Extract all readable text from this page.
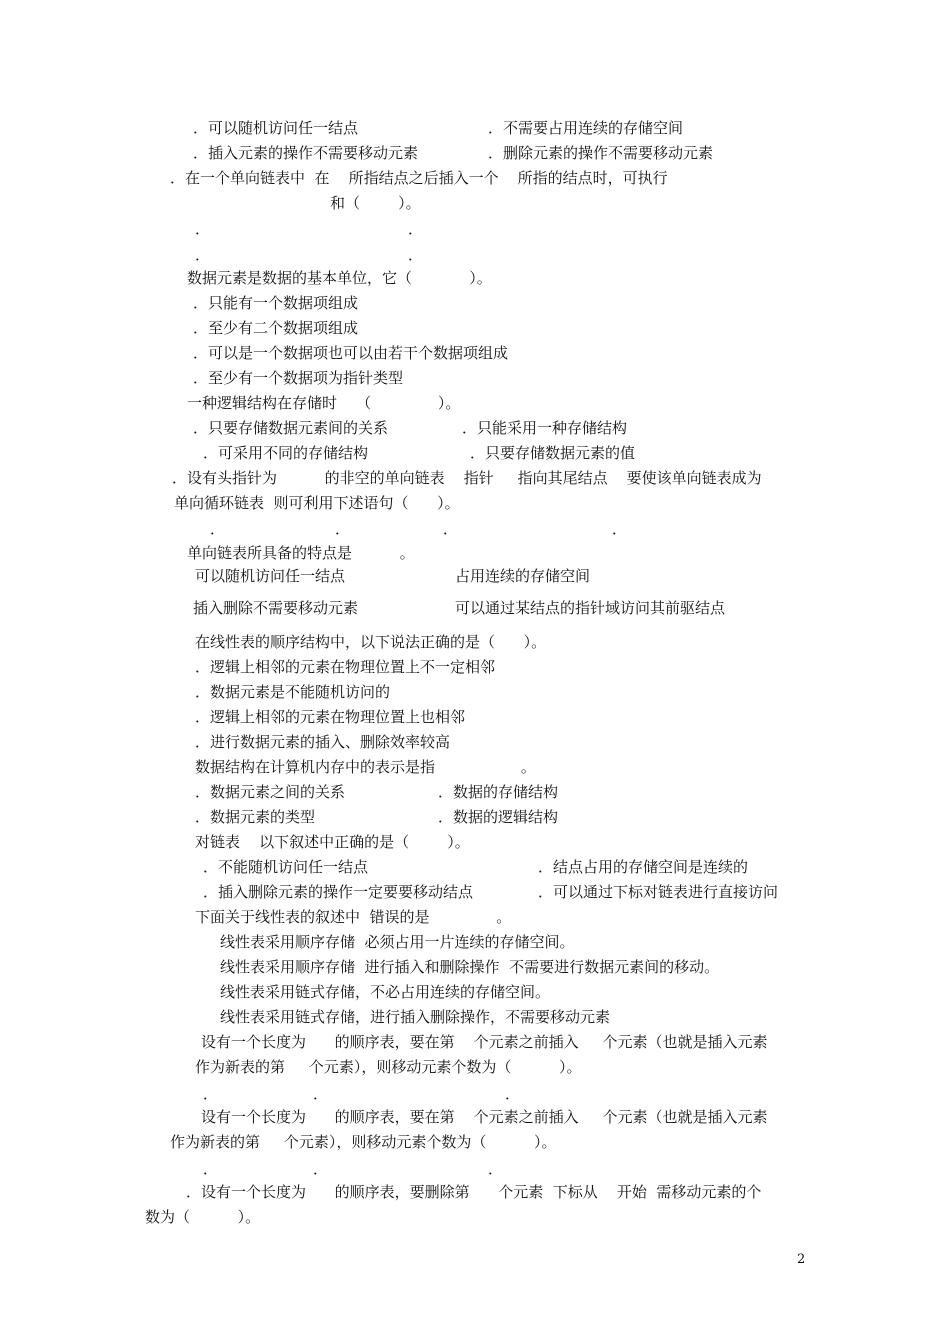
．可以随机访问任一结点	．不需要占用连续的存储空间
．插入元素的操作不需要移动元素	．删除元素的操作不需要移动元素
．在一个单向链表中  在    所指结点之后插入一个    所指的结点时，可执行
和（        ）。
．	．
．	．
数据元素是数据的基本单位，它（            ）。
．只能有一个数据项组成
．至少有二个数据项组成
．可以是一个数据项也可以由若干个数据项组成
．至少有一个数据项为指针类型
一种逻辑结构在存储时    （              ）。
．只要存储数据元素间的关系	．只能采用一种存储结构
．可采用不同的存储结构	．只要存储数据元素的值
．设有头指针为          的非空的单向链表    指针     指向其尾结点    要使该单向链表成为
单向循环链表  则可利用下述语句（      ）。
．	．	．	．
单向链表所具备的特点是          。
可以随机访问任一结点	占用连续的存储空间
插入删除不需要移动元素	可以通过某结点的指针域访问其前驱结点
在线性表的顺序结构中，以下说法正确的是（      ）。
．逻辑上相邻的元素在物理位置上不一定相邻
．数据元素是不能随机访问的
．逻辑上相邻的元素在物理位置上也相邻
．进行数据元素的插入、删除效率较高
数据结构在计算机内存中的表示是指                  。
．数据元素之间的关系	．数据的存储结构
．数据元素的类型	．数据的逻辑结构
对链表    以下叙述中正确的是（        ）。
．不能随机访问任一结点	．结点占用的存储空间是连续的
．插入删除元素的操作一定要要移动结点	．可以通过下标对链表进行直接访问
下面关于线性表的叙述中  错误的是              。
线性表采用顺序存储  必须占用一片连续的存储空间。
线性表采用顺序存储  进行插入和删除操作  不需要进行数据元素间的移动。
线性表采用链式存储，不必占用连续的存储空间。
线性表采用链式存储，进行插入删除操作，不需要移动元素
设有一个长度为      的顺序表，要在第    个元素之前插入     个元素（也就是插入元素
作为新表的第     个元素），则移动元素个数为（          ）。
．	．	．
设有一个长度为      的顺序表，要在第    个元素之前插入     个元素（也就是插入元素
作为新表的第     个元素），则移动元素个数为（          ）。
．	．	．
．设有一个长度为      的顺序表，要删除第      个元素  下标从    开始  需移动元素的个
数为（          ）。
2
